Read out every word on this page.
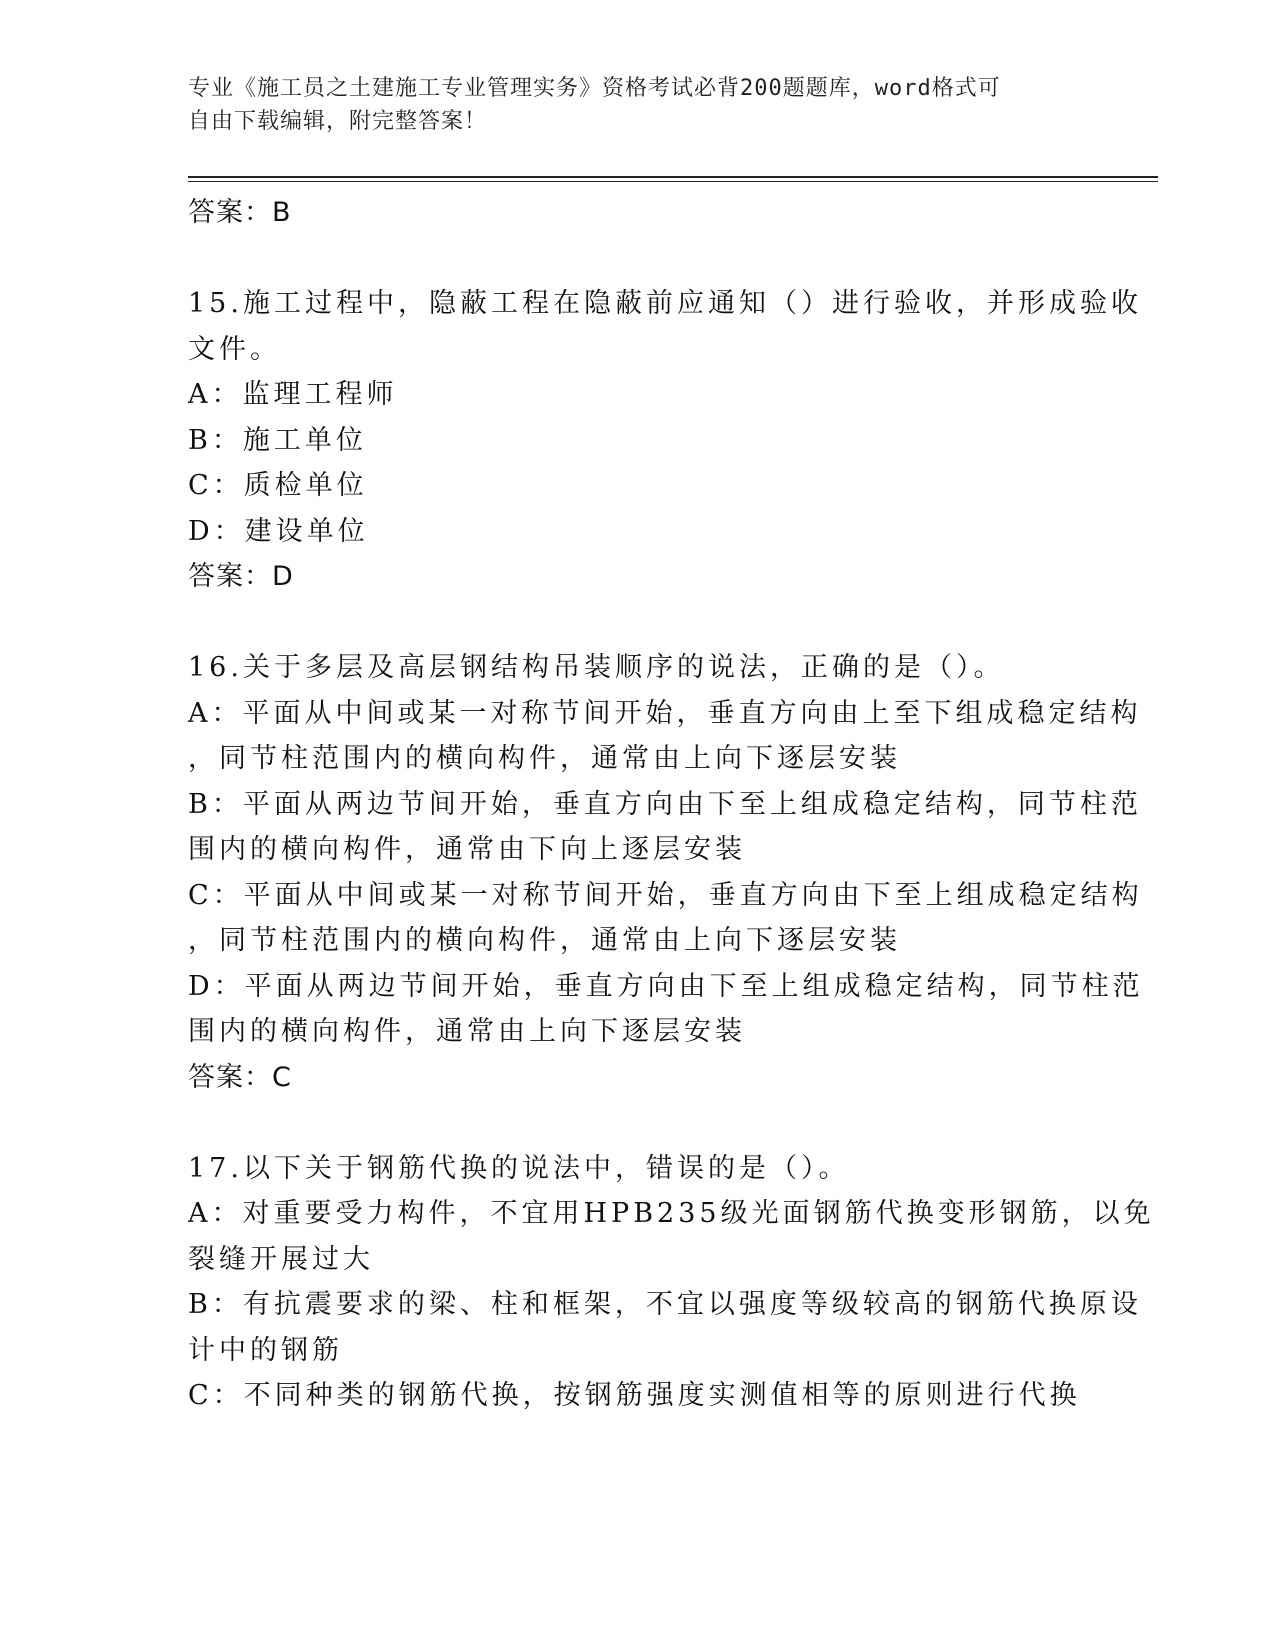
专业《施工员之土建施工专业管理实务》资格考试必背200题题库，word格式可
自由下载编辑，附完整答案！
答案：B
15.施工过程中，隐蔽工程在隐蔽前应通知（）进行验收，并形成验收
文件。
A：监理工程师
B：施工单位
C：质检单位
D：建设单位
答案：D
16.关于多层及高层钢结构吊装顺序的说法，正确的是（）。
A：平面从中间或某一对称节间开始，垂直方向由上至下组成稳定结构
，同节柱范围内的横向构件，通常由上向下逐层安装
B：平面从两边节间开始，垂直方向由下至上组成稳定结构，同节柱范
围内的横向构件，通常由下向上逐层安装
C：平面从中间或某一对称节间开始，垂直方向由下至上组成稳定结构
，同节柱范围内的横向构件，通常由上向下逐层安装
D：平面从两边节间开始，垂直方向由下至上组成稳定结构，同节柱范
围内的横向构件，通常由上向下逐层安装
答案：C
17.以下关于钢筋代换的说法中，错误的是（）。
A：对重要受力构件，不宜用HPB235级光面钢筋代换变形钢筋，以免
裂缝开展过大
B：有抗震要求的梁、柱和框架，不宜以强度等级较高的钢筋代换原设
计中的钢筋
C：不同种类的钢筋代换，按钢筋强度实测值相等的原则进行代换
